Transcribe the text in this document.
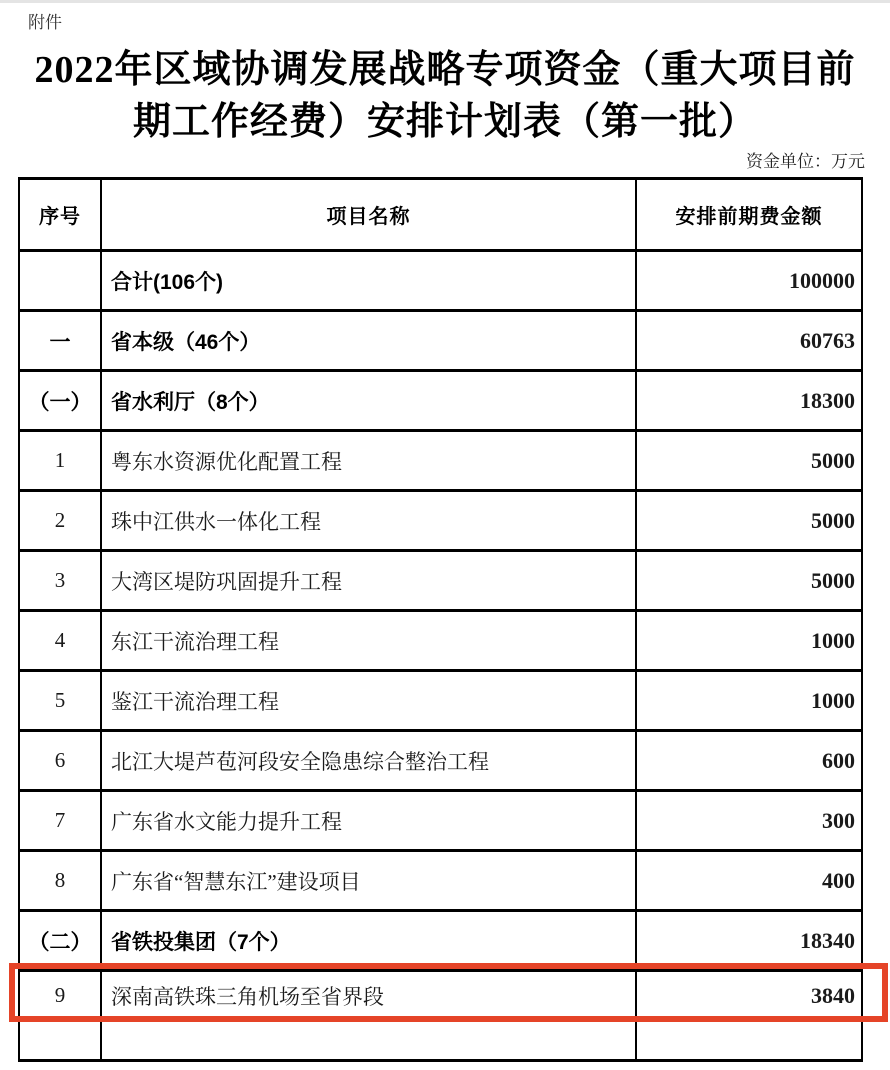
附件
2022年区域协调发展战略专项资金（重大项目前
期工作经费）安排计划表（第一批）
资金单位：万元
序号	项目名称	安排前期费金额
	合计(106个)	100000
一	省本级（46个）	60763
（一）	省水利厅（8个）	18300
1	粤东水资源优化配置工程	5000
2	珠中江供水一体化工程	5000
3	大湾区堤防巩固提升工程	5000
4	东江干流治理工程	1000
5	鉴江干流治理工程	1000
6	北江大堤芦苞河段安全隐患综合整治工程	600
7	广东省水文能力提升工程	300
8	广东省“智慧东江”建设项目	400
（二）	省铁投集团（7个）	18340
9	深南高铁珠三角机场至省界段	3840
